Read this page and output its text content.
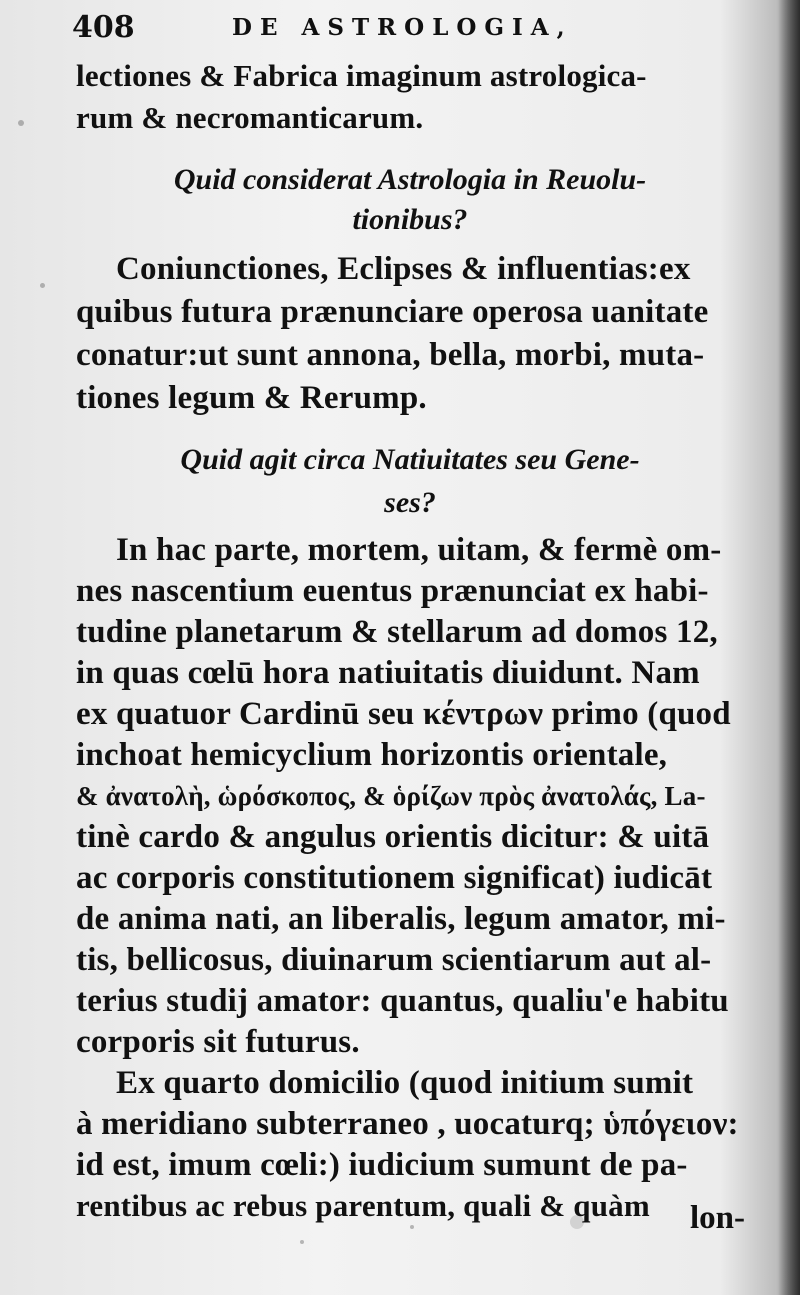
408	DE ASTROLOGIA,
lectiones & Fabrica imaginum astrologica-
rum & necromanticarum.
Quid considerat Astrologia in Reuolu-
tionibus?
Coniunctiones, Eclipses & influentias:ex
quibus futura prænunciare operosa uanitate
conatur:ut sunt annona, bella, morbi, muta-
tiones legum & Rerump.
Quid agit circa Natiuitates seu Gene-
ses?
In hac parte, mortem, uitam, & fermè om-
nes nascentium euentus prænunciat ex habi-
tudine planetarum & stellarum ad domos 12,
in quas cœlū hora natiuitatis diuidunt. Nam
ex quatuor Cardinū seu κέντρων primo (quod
inchoat hemicyclium horizontis orientale,
& ἀνατολὴ, ὡρόσκοπος, & ὁρίζων πρὸς ἀνατολάς, La-
tinè cardo & angulus orientis dicitur: & uitā
ac corporis constitutionem significat) iudicāt
de anima nati, an liberalis, legum amator, mi-
tis, bellicosus, diuinarum scientiarum aut al-
terius studij amator: quantus, qualiu'e habitu
corporis sit futurus.
Ex quarto domicilio (quod initium sumit
à meridiano subterraneo , uocaturq; ὑπόγειον:
id est, imum cœli:) iudicium sumunt de pa-
rentibus ac rebus parentum, quali & quàm lon-
